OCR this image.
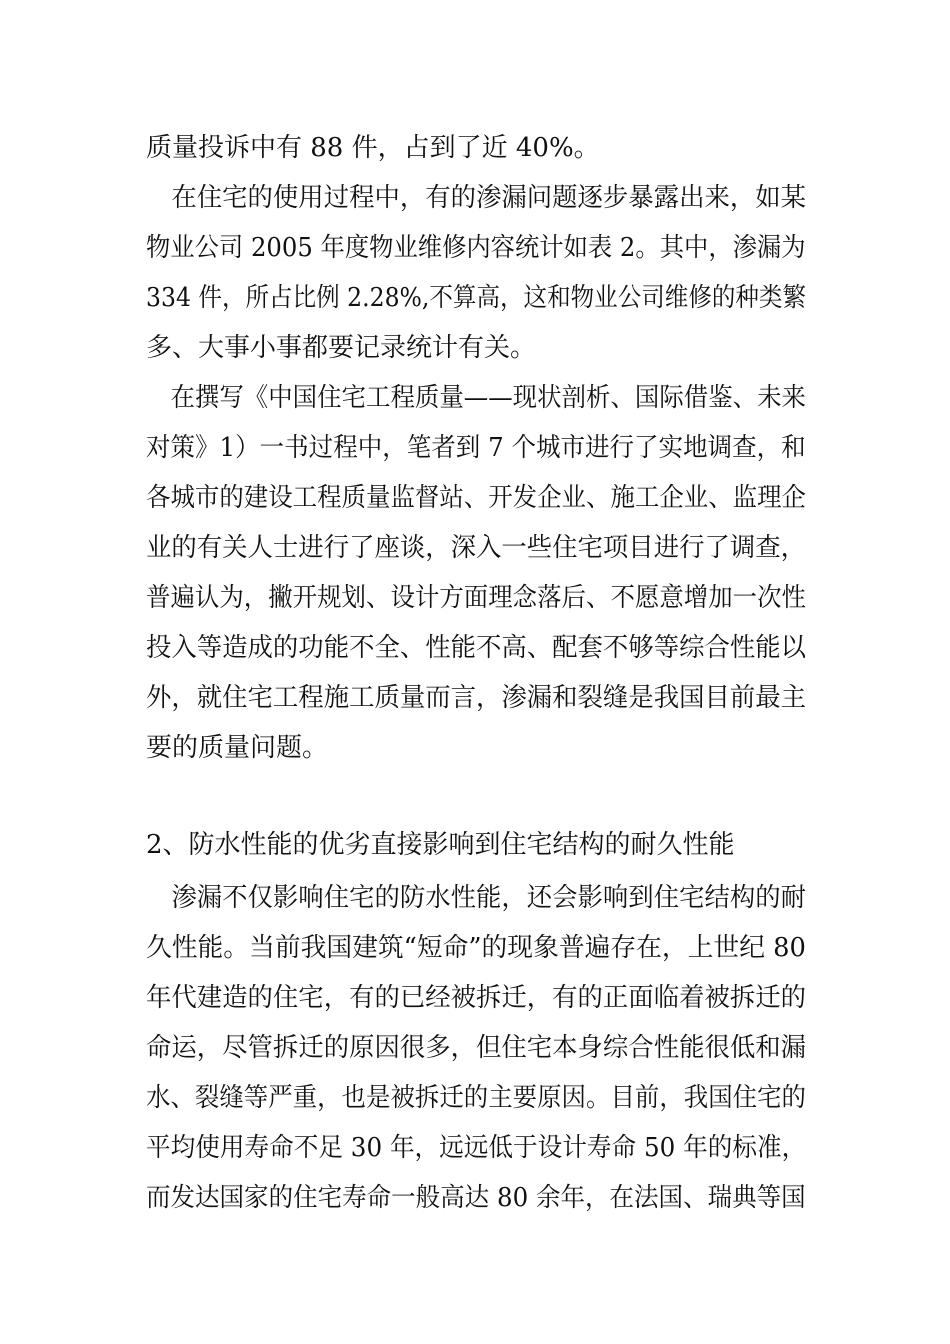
质量投诉中有 88 件，占到了近 40%。
　在住宅的使用过程中，有的渗漏问题逐步暴露出来，如某
物业公司 2005 年度物业维修内容统计如表 2。其中，渗漏为
334 件，所占比例 2.28%,不算高，这和物业公司维修的种类繁
多、大事小事都要记录统计有关。
　在撰写《中国住宅工程质量——现状剖析、国际借鉴、未来
对策》1）一书过程中，笔者到 7 个城市进行了实地调查，和
各城市的建设工程质量监督站、开发企业、施工企业、监理企
业的有关人士进行了座谈，深入一些住宅项目进行了调查，
普遍认为，撇开规划、设计方面理念落后、不愿意增加一次性
投入等造成的功能不全、性能不高、配套不够等综合性能以
外，就住宅工程施工质量而言，渗漏和裂缝是我国目前最主
要的质量问题。
2、防水性能的优劣直接影响到住宅结构的耐久性能
　渗漏不仅影响住宅的防水性能，还会影响到住宅结构的耐
久性能。当前我国建筑“短命”的现象普遍存在，上世纪 80
年代建造的住宅，有的已经被拆迁，有的正面临着被拆迁的
命运，尽管拆迁的原因很多，但住宅本身综合性能很低和漏
水、裂缝等严重，也是被拆迁的主要原因。目前，我国住宅的
平均使用寿命不足 30 年，远远低于设计寿命 50 年的标准，
而发达国家的住宅寿命一般高达 80 余年，在法国、瑞典等国
